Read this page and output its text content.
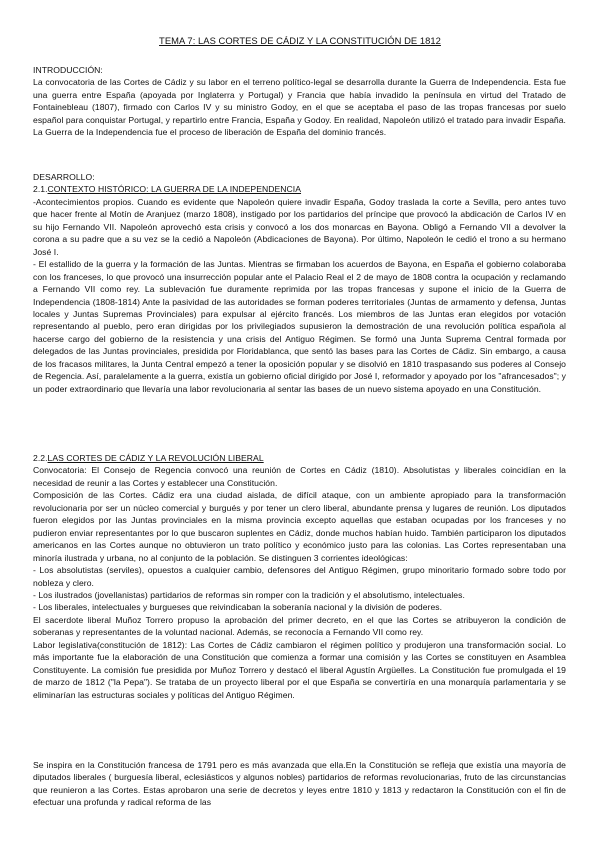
TEMA 7: LAS CORTES DE CÁDIZ Y LA CONSTITUCIÓN DE 1812

INTRODUCCIÓN:

La convocatoria de las Cortes de Cádiz y su labor en el terreno político-legal se desarrolla durante la Guerra de Independencia. Esta fue una guerra entre España (apoyada por Inglaterra y Portugal) y Francia que había invadido la península en virtud del Tratado de Fontainebleau (1807), firmado con Carlos IV y su ministro Godoy, en el que se aceptaba el paso de las tropas francesas por suelo español para conquistar Portugal, y repartirlo entre Francia, España y Godoy. En realidad, Napoleón utilizó el tratado para invadir España. La Guerra de la Independencia fue el proceso de liberación de España del dominio francés.

DESARROLLO:

2.1.CONTEXTO HISTÓRICO: LA GUERRA DE LA INDEPENDENCIA

-Acontecimientos propios. Cuando es evidente que Napoleón quiere invadir España, Godoy traslada la corte a Sevilla, pero antes tuvo que hacer frente al Motín de Aranjuez (marzo 1808), instigado por los partidarios del príncipe que provocó la abdicación de Carlos IV en su hijo Fernando VII. Napoleón aprovechó esta crisis y convocó a los dos monarcas en Bayona. Obligó a Fernando VII a devolver la corona a su padre que a su vez se la cedió a Napoleón (Abdicaciones de Bayona). Por último, Napoleón le cedió el trono a su hermano José I.

- El estallido de la guerra y la formación de las Juntas. Mientras se firmaban los acuerdos de Bayona, en España el gobierno colaboraba con los franceses, lo que provocó una insurrección popular ante el Palacio Real el 2 de mayo de 1808 contra la ocupación y reclamando a Fernando VII como rey. La sublevación fue duramente reprimida por las tropas francesas y supone el inicio de la Guerra de Independencia (1808-1814) Ante la pasividad de las autoridades se forman poderes territoriales (Juntas de armamento y defensa, Juntas locales y Juntas Supremas Provinciales) para expulsar al ejército francés. Los miembros de las Juntas eran elegidos por votación representando al pueblo, pero eran dirigidas por los privilegiados supusieron la demostración de una revolución política española al hacerse cargo del gobierno de la resistencia y una crisis del Antiguo Régimen. Se formó una Junta Suprema Central formada por delegados de las Juntas provinciales, presidida por Floridablanca, que sentó las bases para las Cortes de Cádiz. Sin embargo, a causa de los fracasos militares, la Junta Central empezó a tener la oposición popular y se disolvió en 1810 traspasando sus poderes al Consejo de Regencia. Así, paralelamente a la guerra, existía un gobierno oficial dirigido por José I, reformador y apoyado por los "afrancesados"; y un poder extraordinario que llevaría una labor revolucionaria al sentar las bases de un nuevo sistema apoyado en una Constitución.

2.2.LAS CORTES DE CÁDIZ Y LA REVOLUCIÓN LIBERAL

Convocatoria: El Consejo de Regencia convocó una reunión de Cortes en Cádiz (1810). Absolutistas y liberales coincidían en la necesidad de reunir a las Cortes y establecer una Constitución.

Composición de las Cortes. Cádiz era una ciudad aislada, de difícil ataque, con un ambiente apropiado para la transformación revolucionaria por ser un núcleo comercial y burgués y por tener un clero liberal, abundante prensa y lugares de reunión. Los diputados fueron elegidos por las Juntas provinciales en la misma provincia excepto aquellas que estaban ocupadas por los franceses y no pudieron enviar representantes por lo que buscaron suplentes en Cádiz, donde muchos habían huido. También participaron los diputados americanos en las Cortes aunque no obtuvieron un trato político y económico justo para las colonias. Las Cortes representaban una minoría ilustrada y urbana, no al conjunto de la población. Se distinguen 3 corrientes ideológicas:

- Los absolutistas (serviles), opuestos a cualquier cambio, defensores del Antiguo Régimen, grupo minoritario formado sobre todo por nobleza y clero.

- Los ilustrados (jovellanistas) partidarios de reformas sin romper con la tradición y el absolutismo, intelectuales.

- Los liberales, intelectuales y burgueses que reivindicaban la soberanía nacional y la división de poderes.

El sacerdote liberal Muñoz Torrero propuso la aprobación del primer decreto, en el que las Cortes se atribuyeron la condición de soberanas y representantes de la voluntad nacional. Además, se reconocía a Fernando VII como rey.

Labor legislativa(constitución de 1812): Las Cortes de Cádiz cambiaron el régimen político y produjeron una transformación social. Lo más importante fue la elaboración de una Constitución que comienza a formar una comisión y las Cortes se constituyen en Asamblea Constituyente. La comisión fue presidida por Muñoz Torrero y destacó el liberal Agustín Argüelles. La Constitución fue promulgada el 19 de marzo de 1812 ("la Pepa"). Se trataba de un proyecto liberal por el que España se convertiría en una monarquía parlamentaria y se eliminarían las estructuras sociales y políticas del Antiguo Régimen.

Se inspira en la Constitución francesa de 1791 pero es más avanzada que ella.En la Constitución se refleja que existía una mayoría de diputados liberales ( burguesía liberal, eclesiásticos y algunos nobles) partidarios de reformas revolucionarias, fruto de las circunstancias que reunieron a las Cortes. Estas aprobaron una serie de decretos y leyes entre 1810 y 1813 y redactaron la Constitución con el fin de efectuar una profunda y radical reforma de las
